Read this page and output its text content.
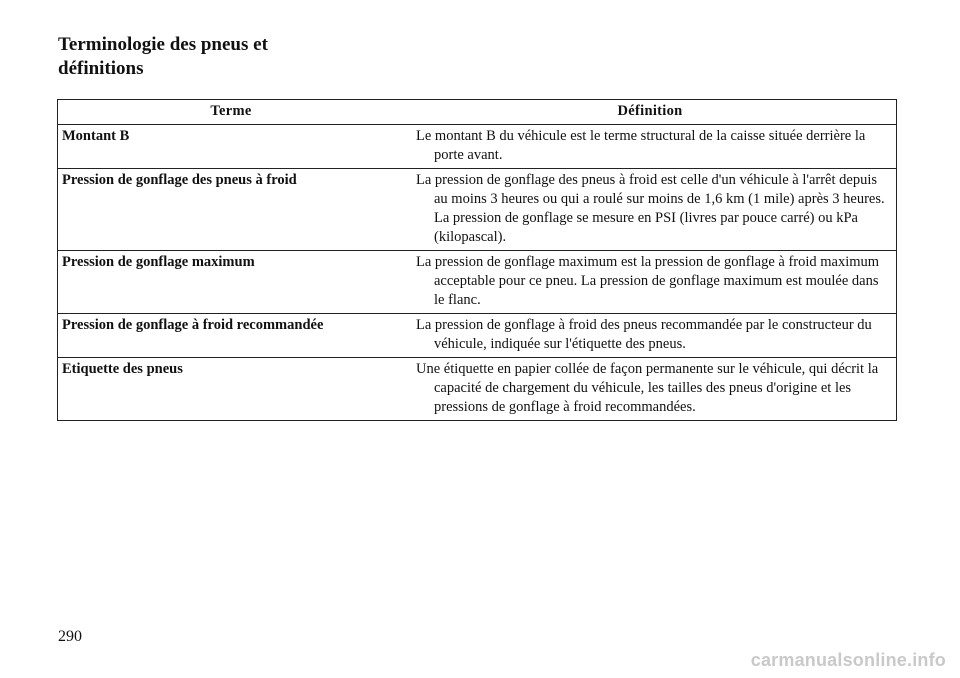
Terminologie des pneus et définitions
Terme	Définition
Montant B	Le montant B du véhicule est le terme structural de la caisse située derrière la porte avant.

Pression de gonflage des pneus à froid	La pression de gonflage des pneus à froid est celle d'un véhicule à l'arrêt depuis au moins 3 heures ou qui a roulé sur moins de 1,6 km (1 mile) après 3 heures. La pression de gonflage se mesure en PSI (livres par pouce carré) ou kPa (kilopascal).

Pression de gonflage maximum	La pression de gonflage maximum est la pression de gonflage à froid maximum acceptable pour ce pneu. La pression de gonflage maximum est moulée dans le flanc.

Pression de gonflage à froid recommandée	La pression de gonflage à froid des pneus recommandée par le constructeur du véhicule, indiquée sur l'étiquette des pneus.

Etiquette des pneus	Une étiquette en papier collée de façon permanente sur le véhicule, qui décrit la capacité de chargement du véhicule, les tailles des pneus d'origine et les pressions de gonflage à froid recommandées.
290
carmanualsonline.info
